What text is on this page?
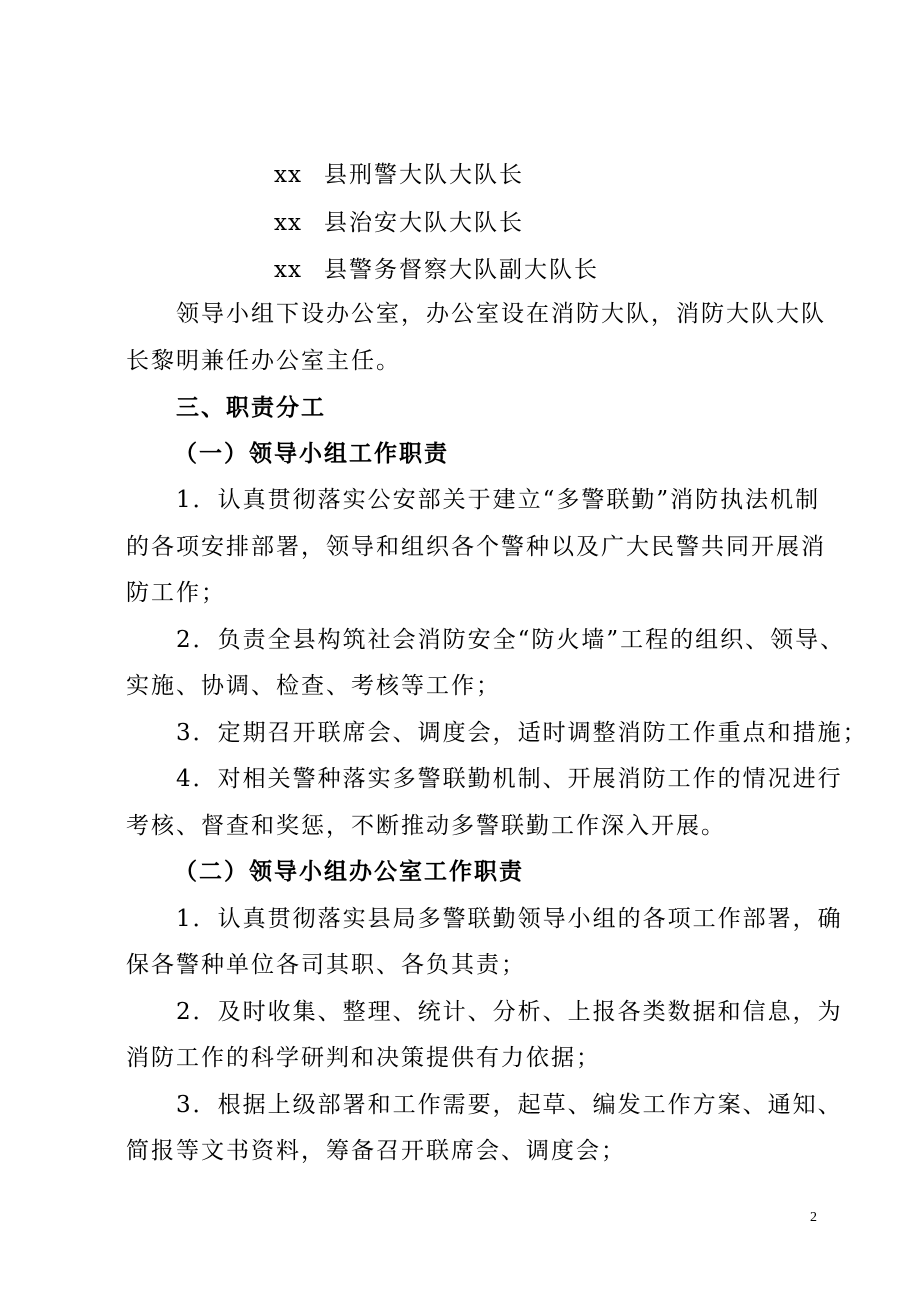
xx 县刑警大队大队长
xx 县治安大队大队长
xx 县警务督察大队副大队长
领导小组下设办公室，办公室设在消防大队，消防大队大队
长黎明兼任办公室主任。
三、职责分工
（一）领导小组工作职责
1．认真贯彻落实公安部关于建立“多警联勤”消防执法机制
的各项安排部署，领导和组织各个警种以及广大民警共同开展消
防工作；
2．负责全县构筑社会消防安全“防火墙”工程的组织、领导、
实施、协调、检查、考核等工作；
3．定期召开联席会、调度会，适时调整消防工作重点和措施；
4．对相关警种落实多警联勤机制、开展消防工作的情况进行
考核、督查和奖惩，不断推动多警联勤工作深入开展。
（二）领导小组办公室工作职责
1．认真贯彻落实县局多警联勤领导小组的各项工作部署，确
保各警种单位各司其职、各负其责；
2．及时收集、整理、统计、分析、上报各类数据和信息，为
消防工作的科学研判和决策提供有力依据；
3．根据上级部署和工作需要，起草、编发工作方案、通知、
简报等文书资料，筹备召开联席会、调度会；
2
